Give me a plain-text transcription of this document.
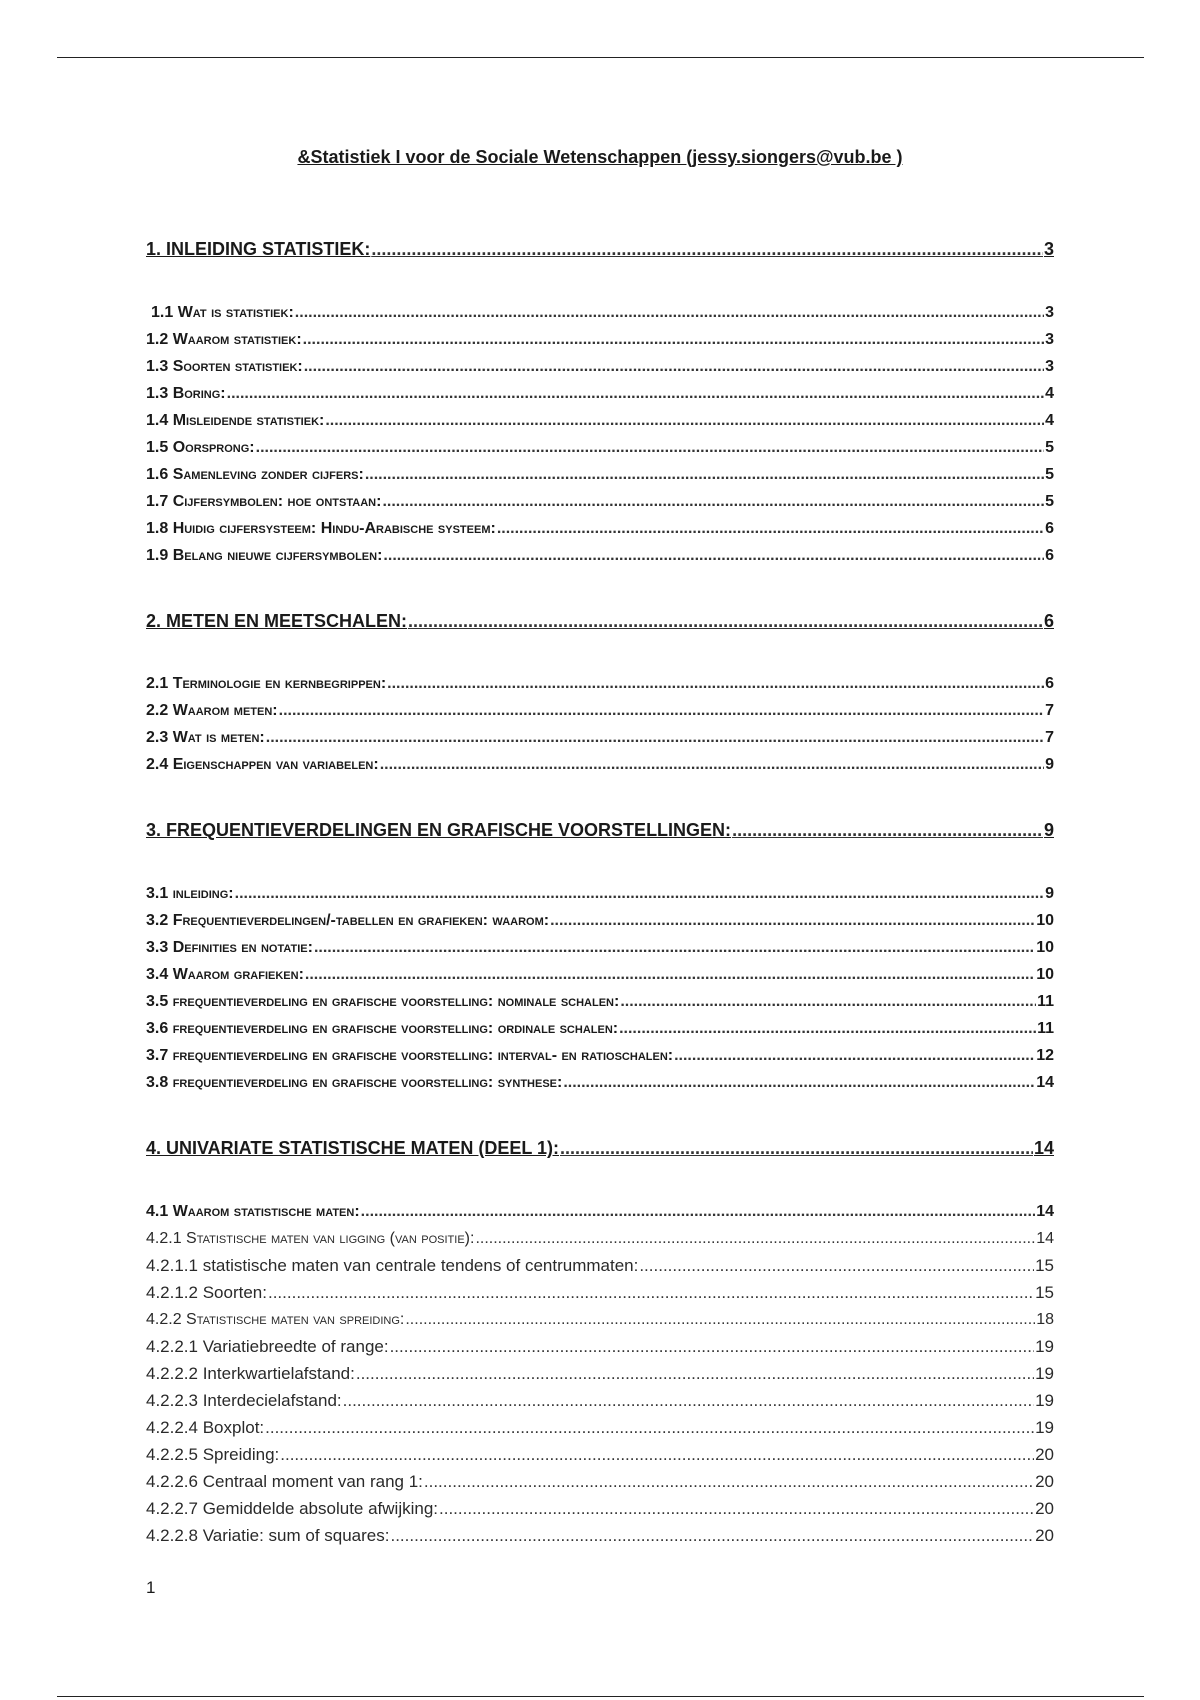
&Statistiek I voor de Sociale Wetenschappen (jessy.siongers@vub.be )
1. INLEIDING STATISTIEK: .....	3
1.1 Wat is statistiek: .....	3
1.2 Waarom statistiek: .....	3
1.3 Soorten statistiek: .....	3
1.3 Boring: .....	4
1.4 Misleidende statistiek: .....	4
1.5 Oorsprong: .....	5
1.6 Samenleving zonder cijfers: .....	5
1.7 Cijfersymbolen: hoe ontstaan: .....	5
1.8 Huidig cijfersysteem: Hindu-Arabische systeem: .....	6
1.9 Belang nieuwe cijfersymbolen: .....	6
2. METEN EN MEETSCHALEN: .....	6
2.1 Terminologie en kernbegrippen: .....	6
2.2 Waarom meten: .....	7
2.3 Wat is meten: .....	7
2.4 Eigenschappen van variabelen: .....	9
3. FREQUENTIEVERDELINGEN EN GRAFISCHE VOORSTELLINGEN: .....	9
3.1 inleiding: .....	9
3.2 Frequentieverdelingen/-tabellen en grafieken: waarom: .....	10
3.3 Definities en notatie: .....	10
3.4 Waarom grafieken: .....	10
3.5 frequentieverdeling en grafische voorstelling: nominale schalen: .....	11
3.6 frequentieverdeling en grafische voorstelling: ordinale schalen: .....	11
3.7 frequentieverdeling en grafische voorstelling: interval- en ratioschalen: .....	12
3.8 frequentieverdeling en grafische voorstelling: synthese: .....	14
4. UNIVARIATE STATISTISCHE MATEN (DEEL 1): .....	14
4.1 Waarom statistische maten: .....	14
4.2.1 Statistische maten van ligging (van positie): .....	14
4.2.1.1 statistische maten van centrale tendens of centrummaten: .....	15
4.2.1.2 Soorten: .....	15
4.2.2 Statistische maten van spreiding: .....	18
4.2.2.1 Variatiebreedte of range: .....	19
4.2.2.2 Interkwartielafstand: .....	19
4.2.2.3 Interdecielafstand: .....	19
4.2.2.4 Boxplot: .....	19
4.2.2.5 Spreiding: .....	20
4.2.2.6 Centraal moment van rang 1: .....	20
4.2.2.7 Gemiddelde absolute afwijking: .....	20
4.2.2.8 Variatie: sum of squares: .....	20
1
